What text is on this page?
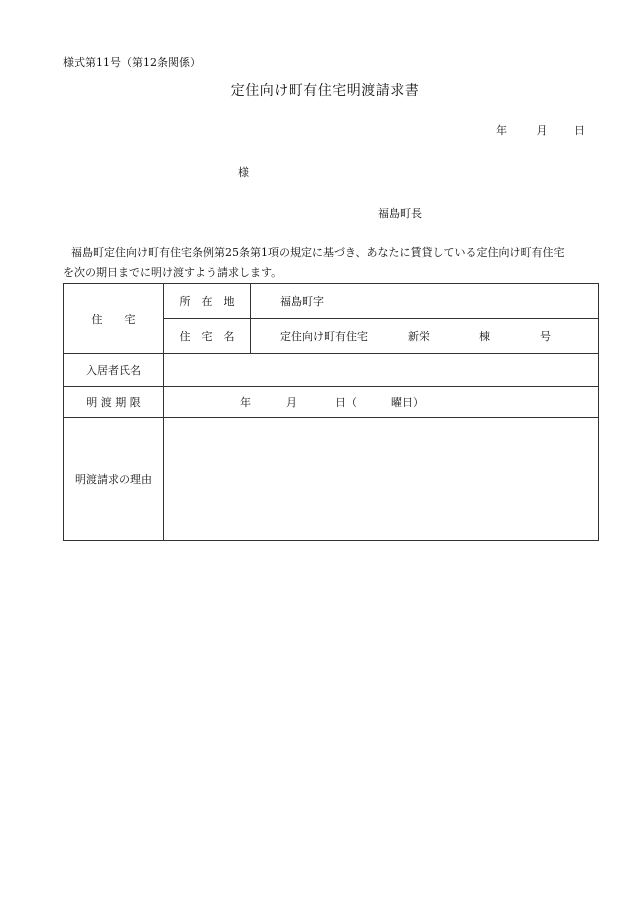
様式第11号（第12条関係）
定住向け町有住宅明渡請求書
年	月 日
様
福島町長

福島町定住向け町有住宅条例第25条第1項の規定に基づき、あなたに賃貸している定住向け町有住宅

を次の期日までに明け渡すよう請求します。

住　　宅	所　在　地	福島町字
	住　宅　名	定住向け町有住宅 新栄 棟 号
入居者氏名		
明 渡 期 限	年 月 日（ 曜日）	
明渡請求の理由		
